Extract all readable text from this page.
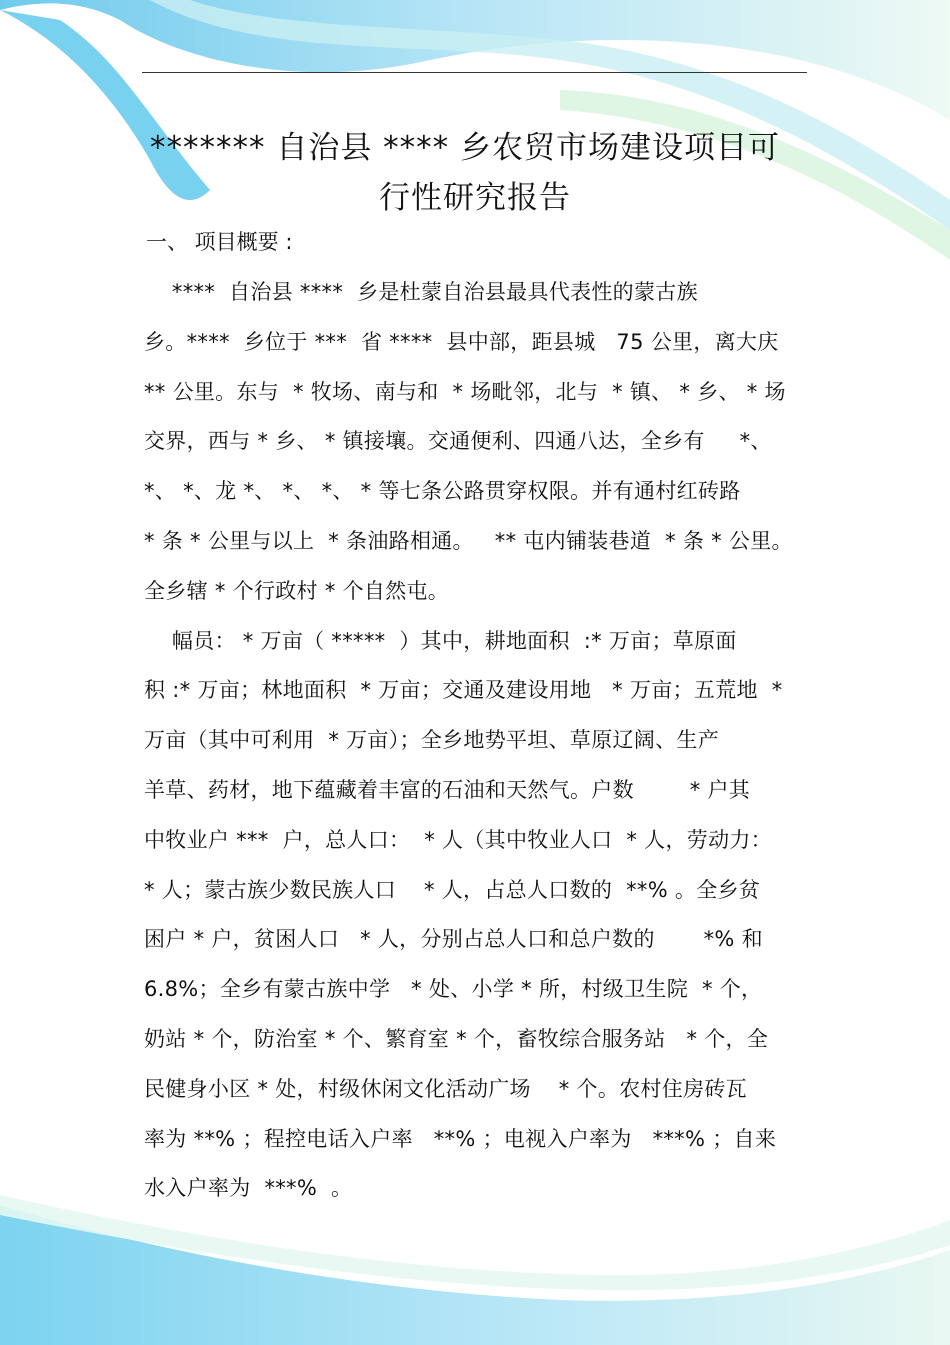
******* 自治县 **** 乡农贸市场建设项目可
行性研究报告
一、 项目概要 :
****  自治县 ****  乡是杜蒙自治县最具代表性的蒙古族
乡。****  乡位于 ***  省 ****  县中部，距县城   75 公里，离大庆
** 公里。东与  * 牧场、南与和  * 场毗邻，北与  * 镇、 * 乡、 * 场
交界，西与 * 乡、 * 镇接壤。交通便利、四通八达，全乡有     *、
*、 *、龙 *、 *、 *、 * 等七条公路贯穿权限。并有通村红砖路
* 条 * 公里与以上  * 条油路相通。   ** 屯内铺装巷道  * 条 * 公里。
全乡辖 * 个行政村 * 个自然屯。
幅员： * 万亩（ *****  ）其中，耕地面积  :* 万亩；草原面
积 :* 万亩；林地面积  * 万亩；交通及建设用地   * 万亩；五荒地  *
万亩（其中可利用  * 万亩）；全乡地势平坦、草原辽阔、生产
羊草、药材，地下蕴藏着丰富的石油和天然气。户数        * 户其
中牧业户 ***  户，总人口：  * 人（其中牧业人口  * 人，劳动力：
* 人；蒙古族少数民族人口    * 人，占总人口数的  **% 。全乡贫
困户 * 户，贫困人口   * 人，分别占总人口和总户数的       *% 和
6.8%；全乡有蒙古族中学   * 处、小学 * 所，村级卫生院  * 个，
奶站 * 个，防治室 * 个、繁育室 * 个，畜牧综合服务站   * 个，全
民健身小区 * 处，村级休闲文化活动广场    * 个。农村住房砖瓦
率为 **% ；程控电话入户率   **% ；电视入户率为   ***% ；自来
水入户率为  ***%  。
